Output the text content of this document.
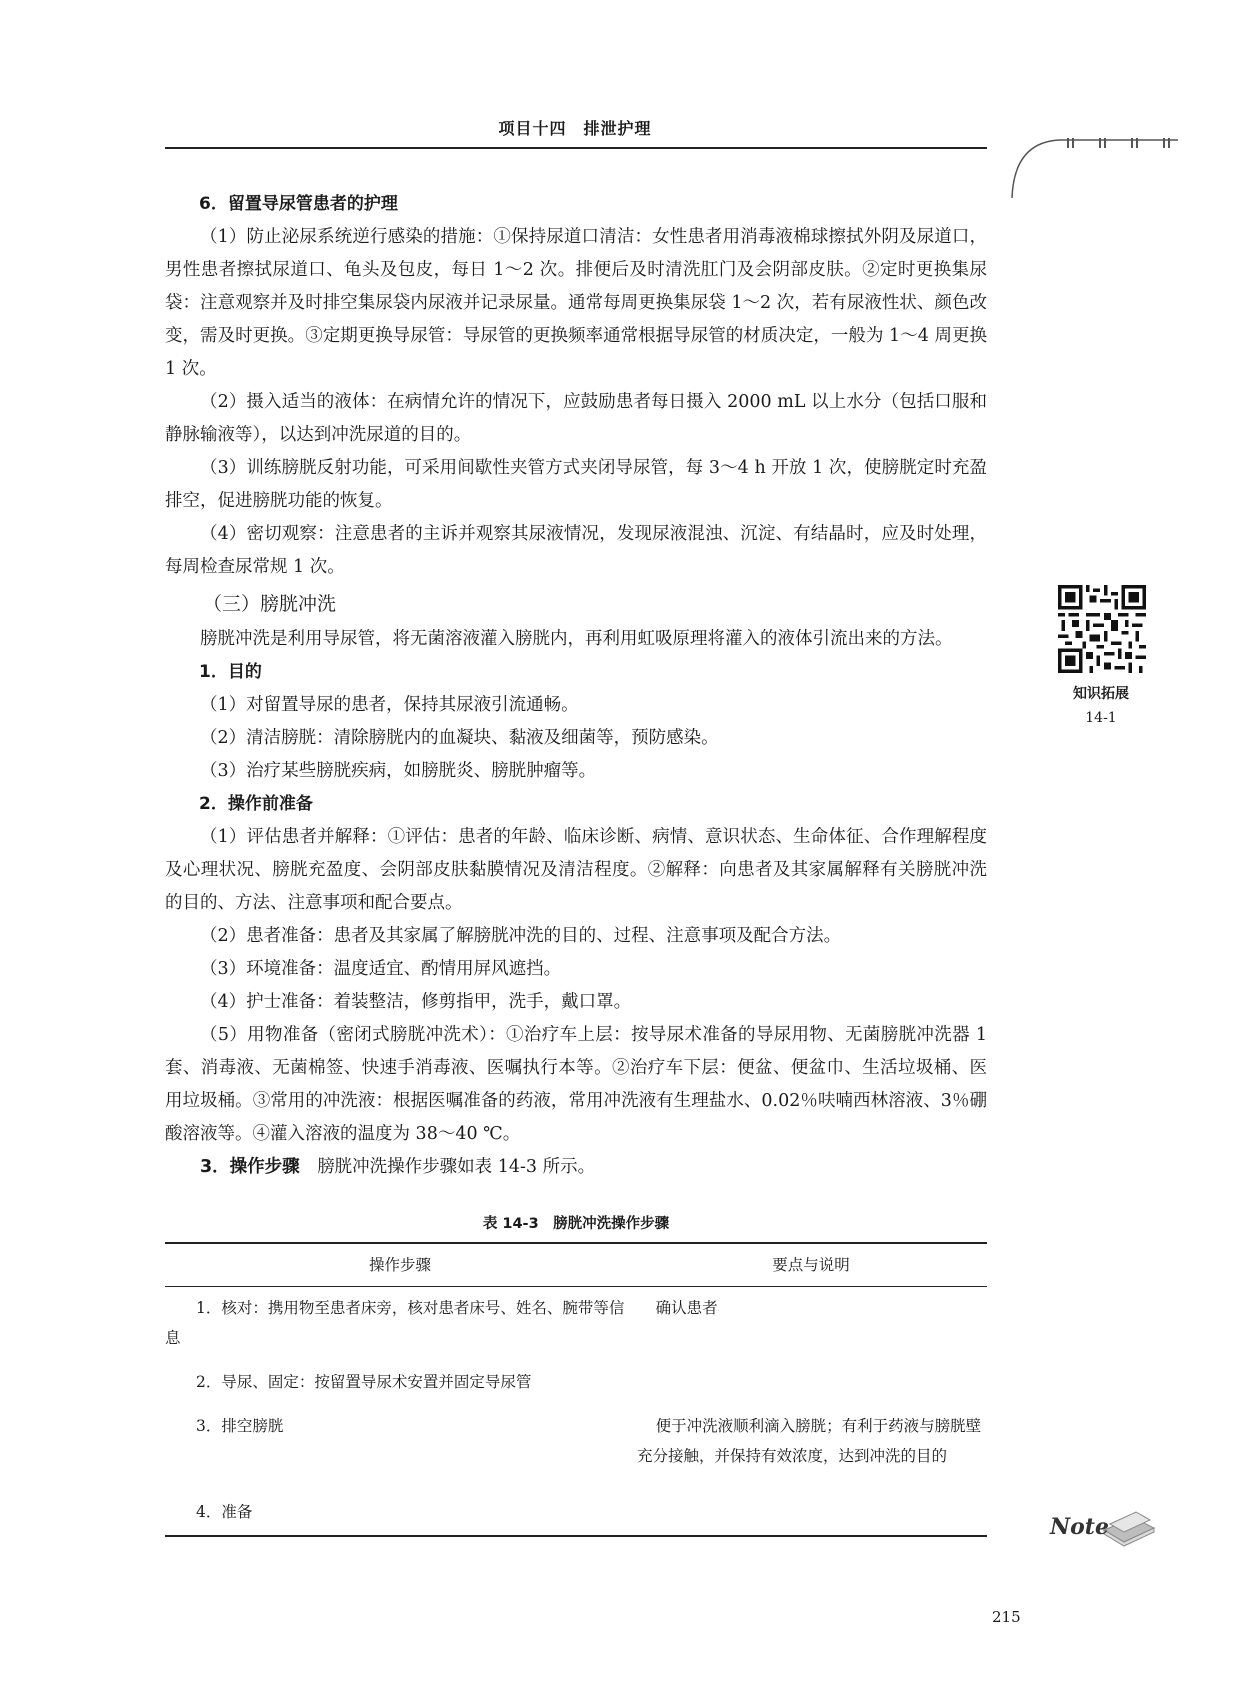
项目十四　排泄护理
6．留置导尿管患者的护理

（1）防止泌尿系统逆行感染的措施：①保持尿道口清洁：女性患者用消毒液棉球擦拭外阴及尿道口，男性患者擦拭尿道口、龟头及包皮，每日 1～2 次。排便后及时清洗肛门及会阴部皮肤。②定时更换集尿袋：注意观察并及时排空集尿袋内尿液并记录尿量。通常每周更换集尿袋 1～2 次，若有尿液性状、颜色改变，需及时更换。③定期更换导尿管：导尿管的更换频率通常根据导尿管的材质决定，一般为 1～4 周更换 1 次。

（2）摄入适当的液体：在病情允许的情况下，应鼓励患者每日摄入 2000 mL 以上水分（包括口服和静脉输液等），以达到冲洗尿道的目的。

（3）训练膀胱反射功能，可采用间歇性夹管方式夹闭导尿管，每 3～4 h 开放 1 次，使膀胱定时充盈排空，促进膀胱功能的恢复。

（4）密切观察：注意患者的主诉并观察其尿液情况，发现尿液混浊、沉淀、有结晶时，应及时处理，每周检查尿常规 1 次。

（三）膀胱冲洗

膀胱冲洗是利用导尿管，将无菌溶液灌入膀胱内，再利用虹吸原理将灌入的液体引流出来的方法。

1．目的

（1）对留置导尿的患者，保持其尿液引流通畅。

（2）清洁膀胱：清除膀胱内的血凝块、黏液及细菌等，预防感染。

（3）治疗某些膀胱疾病，如膀胱炎、膀胱肿瘤等。

2．操作前准备

（1）评估患者并解释：①评估：患者的年龄、临床诊断、病情、意识状态、生命体征、合作理解程度及心理状况、膀胱充盈度、会阴部皮肤黏膜情况及清洁程度。②解释：向患者及其家属解释有关膀胱冲洗的目的、方法、注意事项和配合要点。

（2）患者准备：患者及其家属了解膀胱冲洗的目的、过程、注意事项及配合方法。

（3）环境准备：温度适宜、酌情用屏风遮挡。

（4）护士准备：着装整洁，修剪指甲，洗手，戴口罩。

（5）用物准备（密闭式膀胱冲洗术）：①治疗车上层：按导尿术准备的导尿用物、无菌膀胱冲洗器 1 套、消毒液、无菌棉签、快速手消毒液、医嘱执行本等。②治疗车下层：便盆、便盆巾、生活垃圾桶、医用垃圾桶。③常用的冲洗液：根据医嘱准备的药液，常用冲洗液有生理盐水、0.02％呋喃西林溶液、3％硼酸溶液等。④灌入溶液的温度为 38～40 ℃。

3．操作步骤　 膀胱冲洗操作步骤如表 14-3 所示。

表 14-3　膀胱冲洗操作步骤
操作步骤	要点与说明

1．核对：携用物至患者床旁，核对患者床号、姓名、腕带等信息	确认患者

2．导尿、固定：按留置导尿术安置并固定导尿管	

3．排空膀胱	便于冲洗液顺利滴入膀胱；有利于药液与膀胱壁充分接触，并保持有效浓度，达到冲洗的目的

4．准备	

知识拓展
14-1
Note
215
